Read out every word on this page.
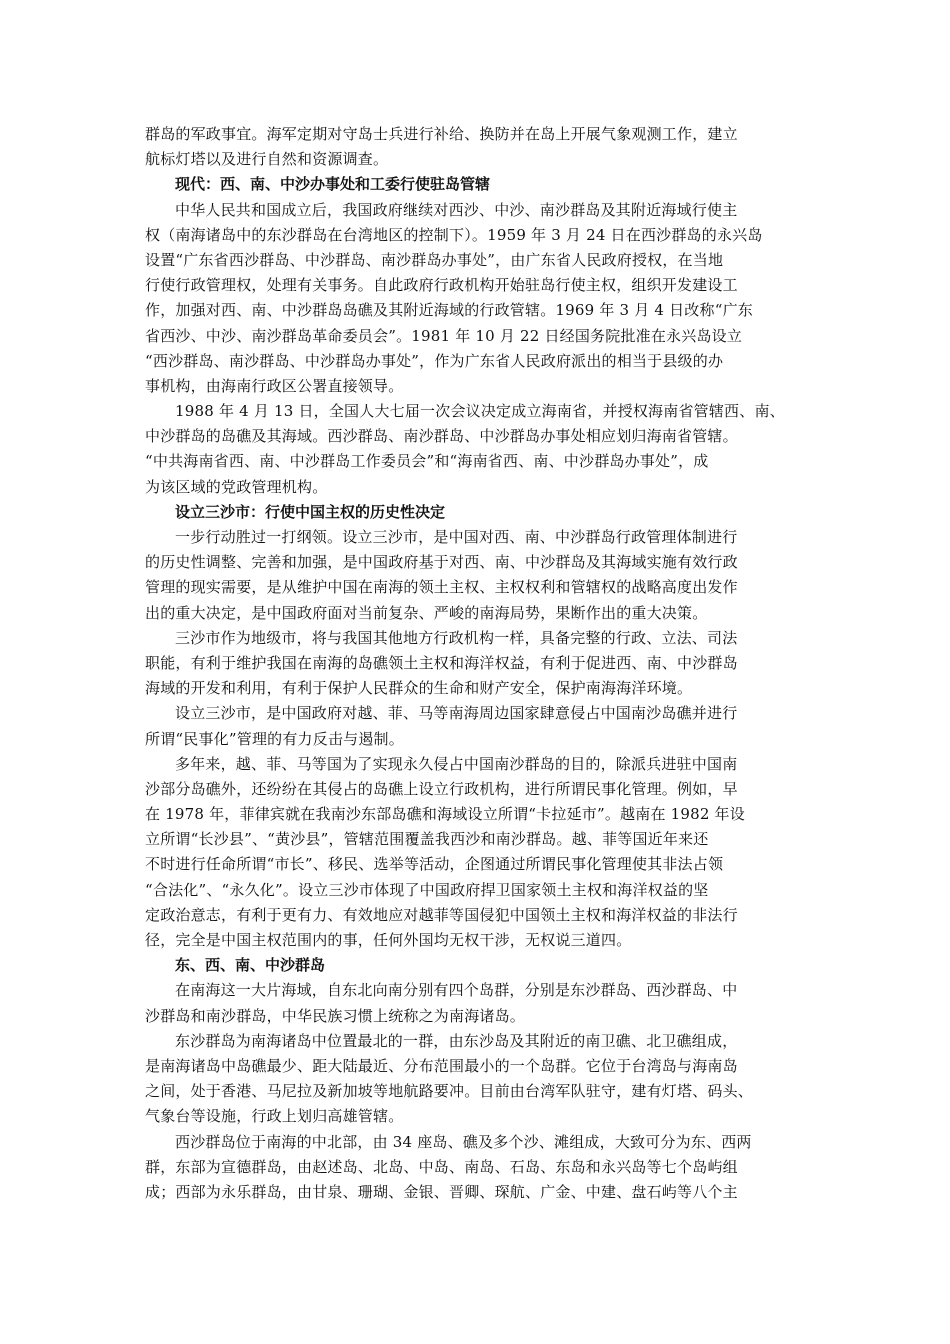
群岛的军政事宜。海军定期对守岛士兵进行补给、换防并在岛上开展气象观测工作，建立
航标灯塔以及进行自然和资源调查。
现代：西、南、中沙办事处和工委行使驻岛管辖
中华人民共和国成立后，我国政府继续对西沙、中沙、南沙群岛及其附近海域行使主
权（南海诸岛中的东沙群岛在台湾地区的控制下）。1959 年 3 月 24 日在西沙群岛的永兴岛
设置“广东省西沙群岛、中沙群岛、南沙群岛办事处”，由广东省人民政府授权，在当地
行使行政管理权，处理有关事务。自此政府行政机构开始驻岛行使主权，组织开发建设工
作，加强对西、南、中沙群岛岛礁及其附近海域的行政管辖。1969 年 3 月 4 日改称“广东
省西沙、中沙、南沙群岛革命委员会”。1981 年 10 月 22 日经国务院批准在永兴岛设立
“西沙群岛、南沙群岛、中沙群岛办事处”，作为广东省人民政府派出的相当于县级的办
事机构，由海南行政区公署直接领导。
1988 年 4 月 13 日，全国人大七届一次会议决定成立海南省，并授权海南省管辖西、南、
中沙群岛的岛礁及其海域。西沙群岛、南沙群岛、中沙群岛办事处相应划归海南省管辖。
“中共海南省西、南、中沙群岛工作委员会”和“海南省西、南、中沙群岛办事处”，成
为该区域的党政管理机构。
设立三沙市：行使中国主权的历史性决定
一步行动胜过一打纲领。设立三沙市，是中国对西、南、中沙群岛行政管理体制进行
的历史性调整、完善和加强，是中国政府基于对西、南、中沙群岛及其海域实施有效行政
管理的现实需要，是从维护中国在南海的领土主权、主权权利和管辖权的战略高度出发作
出的重大决定，是中国政府面对当前复杂、严峻的南海局势，果断作出的重大决策。
三沙市作为地级市，将与我国其他地方行政机构一样，具备完整的行政、立法、司法
职能，有利于维护我国在南海的岛礁领土主权和海洋权益，有利于促进西、南、中沙群岛
海域的开发和利用，有利于保护人民群众的生命和财产安全，保护南海海洋环境。
设立三沙市，是中国政府对越、菲、马等南海周边国家肆意侵占中国南沙岛礁并进行
所谓“民事化”管理的有力反击与遏制。
多年来，越、菲、马等国为了实现永久侵占中国南沙群岛的目的，除派兵进驻中国南
沙部分岛礁外，还纷纷在其侵占的岛礁上设立行政机构，进行所谓民事化管理。例如，早
在 1978 年，菲律宾就在我南沙东部岛礁和海域设立所谓“卡拉延市”。越南在 1982 年设
立所谓“长沙县”、“黄沙县”，管辖范围覆盖我西沙和南沙群岛。越、菲等国近年来还
不时进行任命所谓“市长”、移民、选举等活动，企图通过所谓民事化管理使其非法占领
“合法化”、“永久化”。设立三沙市体现了中国政府捍卫国家领土主权和海洋权益的坚
定政治意志，有利于更有力、有效地应对越菲等国侵犯中国领土主权和海洋权益的非法行
径，完全是中国主权范围内的事，任何外国均无权干涉，无权说三道四。
东、西、南、中沙群岛
在南海这一大片海域，自东北向南分别有四个岛群，分别是东沙群岛、西沙群岛、中
沙群岛和南沙群岛，中华民族习惯上统称之为南海诸岛。
东沙群岛为南海诸岛中位置最北的一群，由东沙岛及其附近的南卫礁、北卫礁组成，
是南海诸岛中岛礁最少、距大陆最近、分布范围最小的一个岛群。它位于台湾岛与海南岛
之间，处于香港、马尼拉及新加坡等地航路要冲。目前由台湾军队驻守，建有灯塔、码头、
气象台等设施，行政上划归高雄管辖。
西沙群岛位于南海的中北部，由 34 座岛、礁及多个沙、滩组成，大致可分为东、西两
群，东部为宣德群岛，由赵述岛、北岛、中岛、南岛、石岛、东岛和永兴岛等七个岛屿组
成；西部为永乐群岛，由甘泉、珊瑚、金银、晋卿、琛航、广金、中建、盘石屿等八个主
